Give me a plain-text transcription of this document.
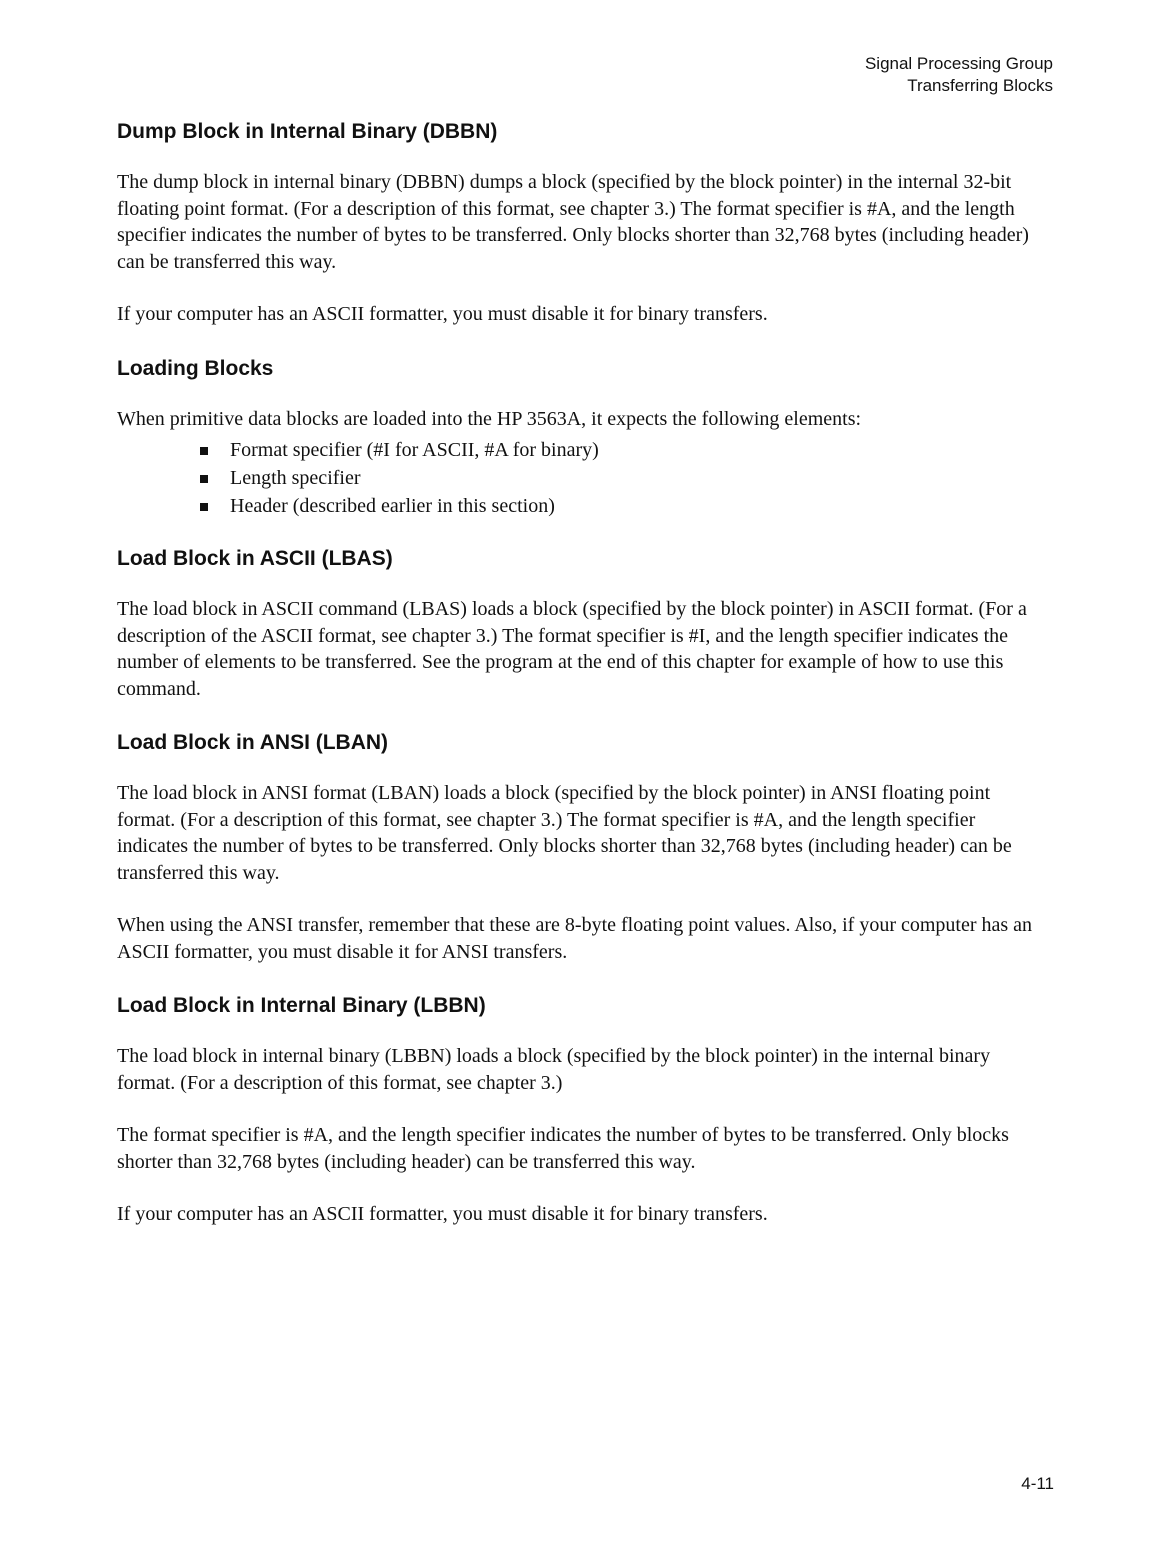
Signal Processing Group
Transferring Blocks
Dump Block in Internal Binary (DBBN)

The dump block in internal binary (DBBN) dumps a block (specified by the block pointer) in the internal 32-bit floating point format. (For a description of this format, see chapter 3.) The format specifier is #A, and the length specifier indicates the number of bytes to be transferred. Only blocks shorter than 32,768 bytes (including header) can be transferred this way.

If your computer has an ASCII formatter, you must disable it for binary transfers.

Loading Blocks

When primitive data blocks are loaded into the HP 3563A, it expects the following elements:

Format specifier (#I for ASCII, #A for binary)
Length specifier
Header (described earlier in this section)
Load Block in ASCII (LBAS)

The load block in ASCII command (LBAS) loads a block (specified by the block pointer) in ASCII format. (For a description of the ASCII format, see chapter 3.) The format specifier is #I, and the length specifier indicates the number of elements to be transferred. See the program at the end of this chapter for example of how to use this command.

Load Block in ANSI (LBAN)

The load block in ANSI format (LBAN) loads a block (specified by the block pointer) in ANSI floating point format. (For a description of this format, see chapter 3.) The format specifier is #A, and the length specifier indicates the number of bytes to be transferred. Only blocks shorter than 32,768 bytes (including header) can be transferred this way.

When using the ANSI transfer, remember that these are 8-byte floating point values. Also, if your computer has an ASCII formatter, you must disable it for ANSI transfers.

Load Block in Internal Binary (LBBN)

The load block in internal binary (LBBN) loads a block (specified by the block pointer) in the internal binary format. (For a description of this format, see chapter 3.)

The format specifier is #A, and the length specifier indicates the number of bytes to be transferred. Only blocks shorter than 32,768 bytes (including header) can be transferred this way.

If your computer has an ASCII formatter, you must disable it for binary transfers.

4-11
